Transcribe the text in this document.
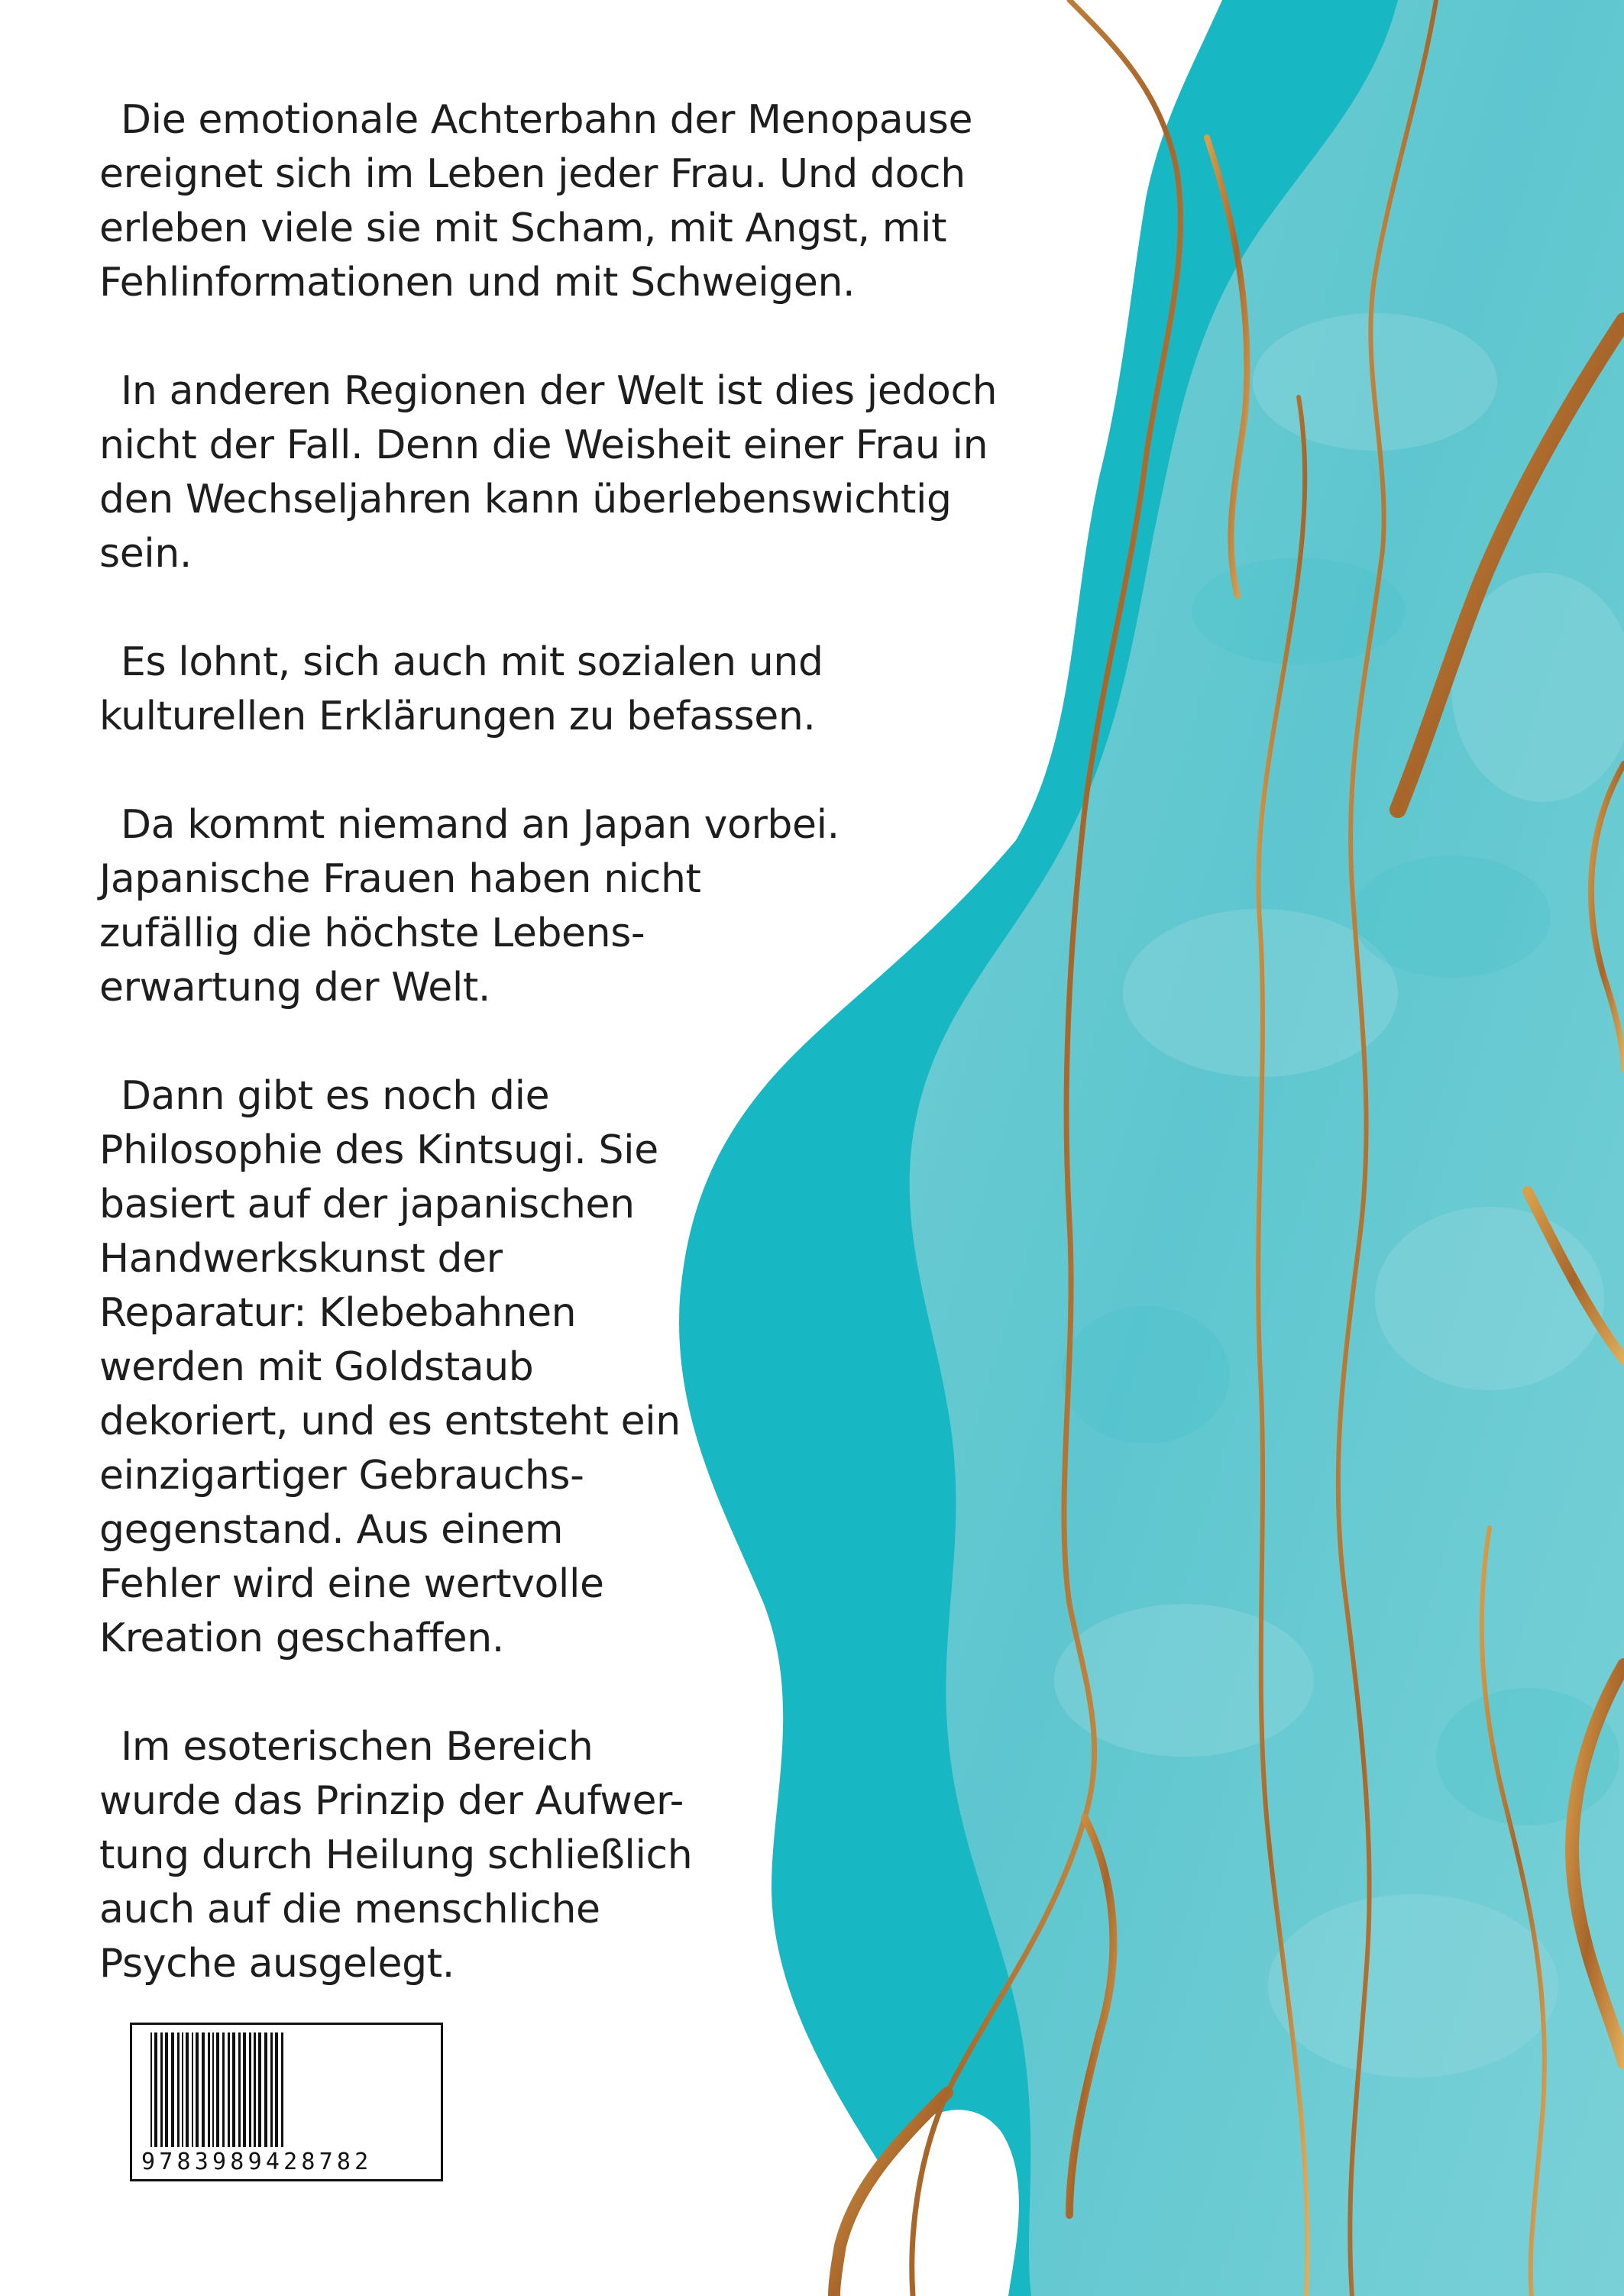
Die emotionale Achterbahn der Menopause
ereignet sich im Leben jeder Frau. Und doch
erleben viele sie mit Scham, mit Angst, mit
Fehlinformationen und mit Schweigen.

In anderen Regionen der Welt ist dies jedoch
nicht der Fall. Denn die Weisheit einer Frau in
den Wechseljahren kann überlebenswichtig
sein.

Es lohnt, sich auch mit sozialen und
kulturellen Erklärungen zu befassen.

Da kommt niemand an Japan vorbei.
Japanische Frauen haben nicht
zufällig die höchste Lebens-
erwartung der Welt.

Dann gibt es noch die
Philosophie des Kintsugi. Sie
basiert auf der japanischen
Handwerkskunst der
Reparatur: Klebebahnen
werden mit Goldstaub
dekoriert, und es entsteht ein
einzigartiger Gebrauchs-
gegenstand. Aus einem
Fehler wird eine wertvolle
Kreation geschaffen.

Im esoterischen Bereich
wurde das Prinzip der Aufwer-
tung durch Heilung schließlich
auch auf die menschliche
Psyche ausgelegt.

9783989428782
